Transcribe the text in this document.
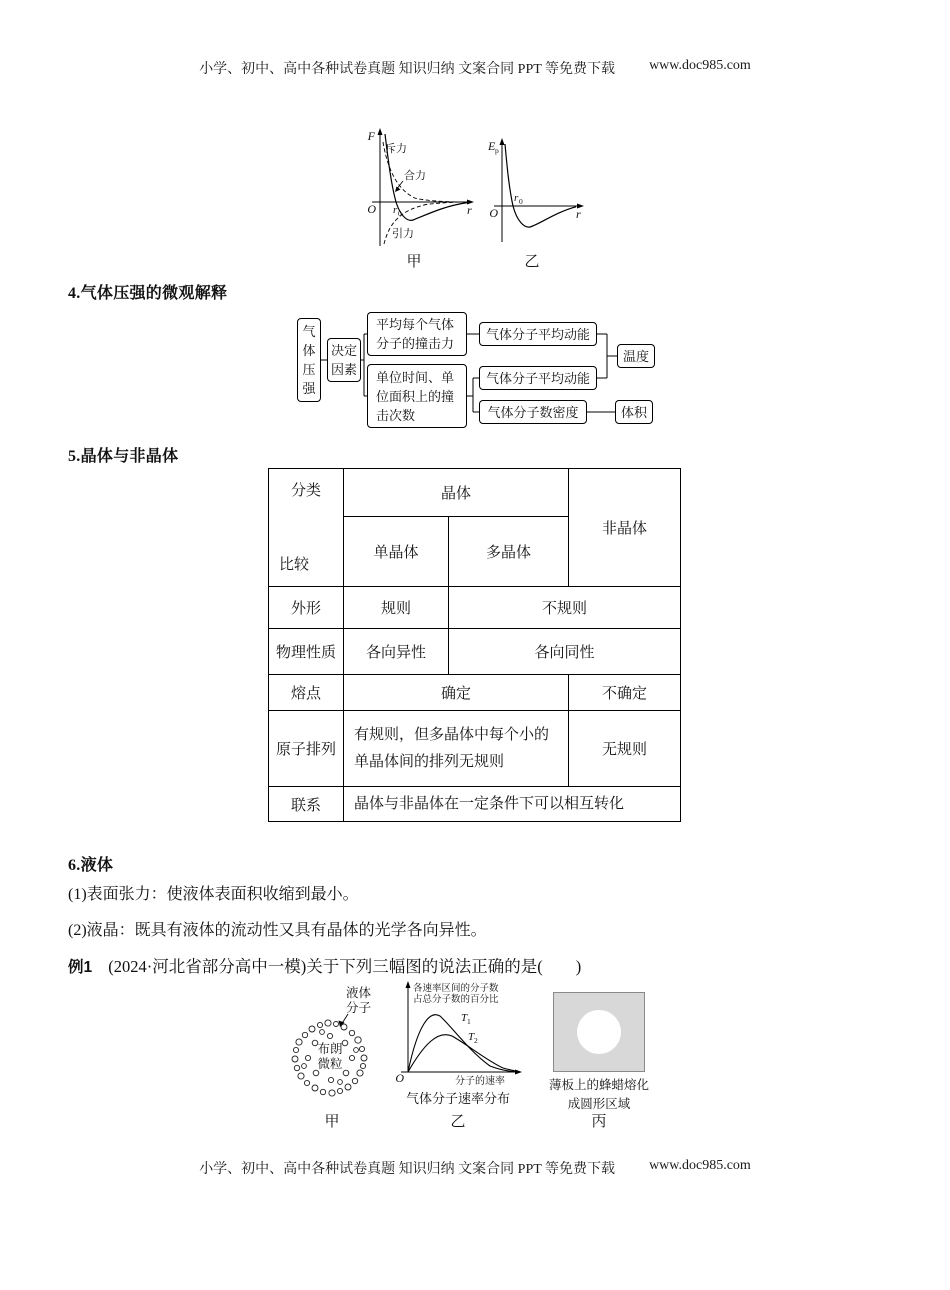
小学、初中、高中各种试卷真题 知识归纳 文案合同 PPT 等免费下载 www.doc985.com
F
斥力
合力
引力
O r 0	r
甲
E p
O
r 0
r
乙
4.气体压强的微观解释
气体压强
决定因素
平均每个气体分子的撞击力
单位时间、单位面积上的撞击次数
气体分子平均动能
气体分子平均动能
气体分子数密度
温度
体积
5.晶体与非晶体
分类
比较	晶体		非晶体
	单晶体	多晶体	
外形	规则	不规则	
物理性质	各向异性	各向同性	
熔点	确定		不确定
原子排列	有规则，但多晶体中每个小的单晶体间的排列无规则		无规则
联系	晶体与非晶体在一定条件下可以相互转化		
6.液体
(1)表面张力：使液体表面积收缩到最小。
(2)液晶：既具有液体的流动性又具有晶体的光学各向异性。
例1 (2024·河北省部分高中一模)关于下列三幅图的说法正确的是(　　)
液体分子
布朗微粒
甲
各速率区间的分子数
占总分子数的百分比
T 1
T 2
O	分子的速率
气体分子速率分布
乙
薄板上的蜂蜡熔化成圆形区域
丙
小学、初中、高中各种试卷真题 知识归纳 文案合同 PPT 等免费下载 www.doc985.com
